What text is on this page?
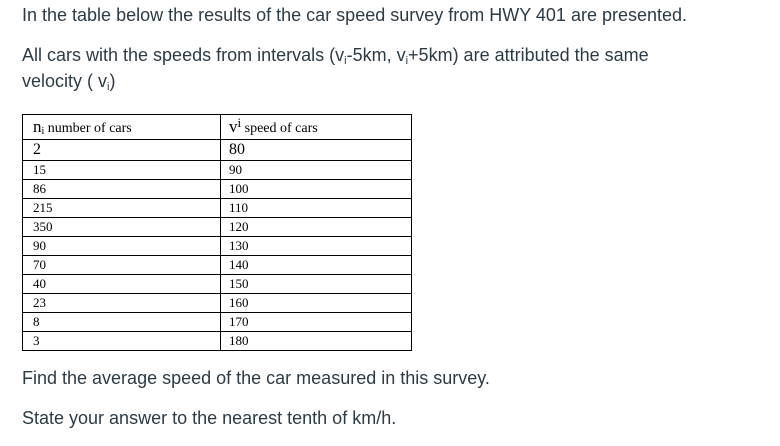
In the table below the results of the car speed survey from HWY 401 are presented.

All cars with the speeds from intervals ($v_i-5km$, $v_i+5km$) are attributed the same

velocity ( $v_i$)

ni number of cars	vi speed of cars
2	80
15	90
86	100
215	110
350	120
90	130
70	140
40	150
23	160
8	170
3	180

Find the average speed of the car measured in this survey.

State your answer to the nearest tenth of km/h.
